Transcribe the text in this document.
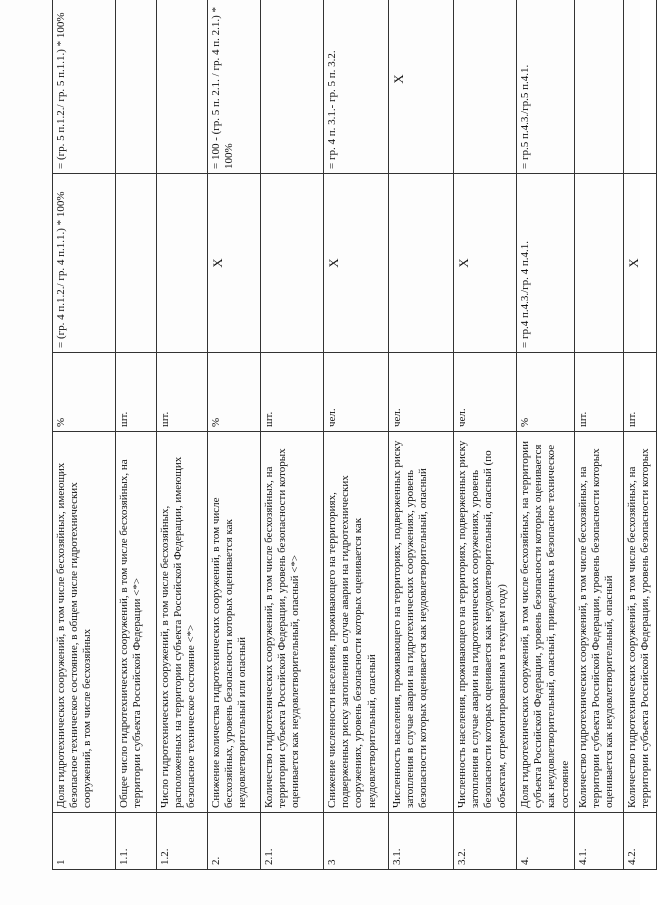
1	Доля гидротехнических сооружений, в том числе бесхозяйных, имеющих безопасное техническое состояние, в общем числе гидротехнических сооружений, в том числе бесхозяйных	%	= (гр. 4 п.1.2./ гр. 4 п.1.1.) * 100%	= (гр. 5 п.1.2./ гр. 5 п.1.1.) * 100%
1.1.	Общее число гидротехнических сооружений, в том числе бесхозяйных, на территории субъекта Российской Федерации <*>	шт.		
1.2.	Число гидротехнических сооружений, в том числе бесхозяйных, расположенных на территории субъекта Российской Федерации, имеющих безопасное техническое состояние <*>	шт.		
2.	Снижение количества гидротехнических сооружений, в том числе бесхозяйных, уровень безопасности которых оценивается как неудовлетворительный или опасный	%	X	= 100 - (гр. 5 п. 2.1. / гр. 4 п. 2.1.) * 100%
2.1.	Количество гидротехнических сооружений, в том числе бесхозяйных, на территории субъекта Российской Федерации, уровень безопасности которых оценивается как неудовлетворительный, опасный <*>	шт.		
3	Снижение численности населения, проживающего на территориях, подверженных риску затопления в случае аварии на гидротехнических сооружениях, уровень безопасности которых оценивается как неудовлетворительный, опасный	чел.	X	= гр. 4 п. 3.1.- гр. 5 п. 3.2.
3.1.	Численность населения, проживающего на территориях, подверженных риску затопления в случае аварии на гидротехнических сооружениях, уровень безопасности которых оценивается как неудовлетворительный, опасный	чел.		X
3.2.	Численность населения, проживающего на территориях, подверженных риску затопления в случае аварии на гидротехнических сооружениях, уровень безопасности которых оценивается как неудовлетворительный, опасный (по объектам, отремонтированным в текущем году)	чел.	X	
4.	Доля гидротехнических сооружений, в том числе бесхозяйных, на территории субъекта Российской Федерации, уровень безопасности которых оценивается как неудовлетворительный, опасный, приведенных в безопасное техническое состояние	%	= гр.4 п.4.3./гр. 4 п.4.1.	= гр.5 п.4.3./гр.5 п.4.1.
4.1.	Количество гидротехнических сооружений, в том числе бесхозяйных, на территории субъекта Российской Федерации, уровень безопасности которых оценивается как неудовлетворительный, опасный	шт.		
4.2.	Количество гидротехнических сооружений, в том числе бесхозяйных, на территории субъекта Российской Федерации, уровень безопасности которых	шт.	X	
